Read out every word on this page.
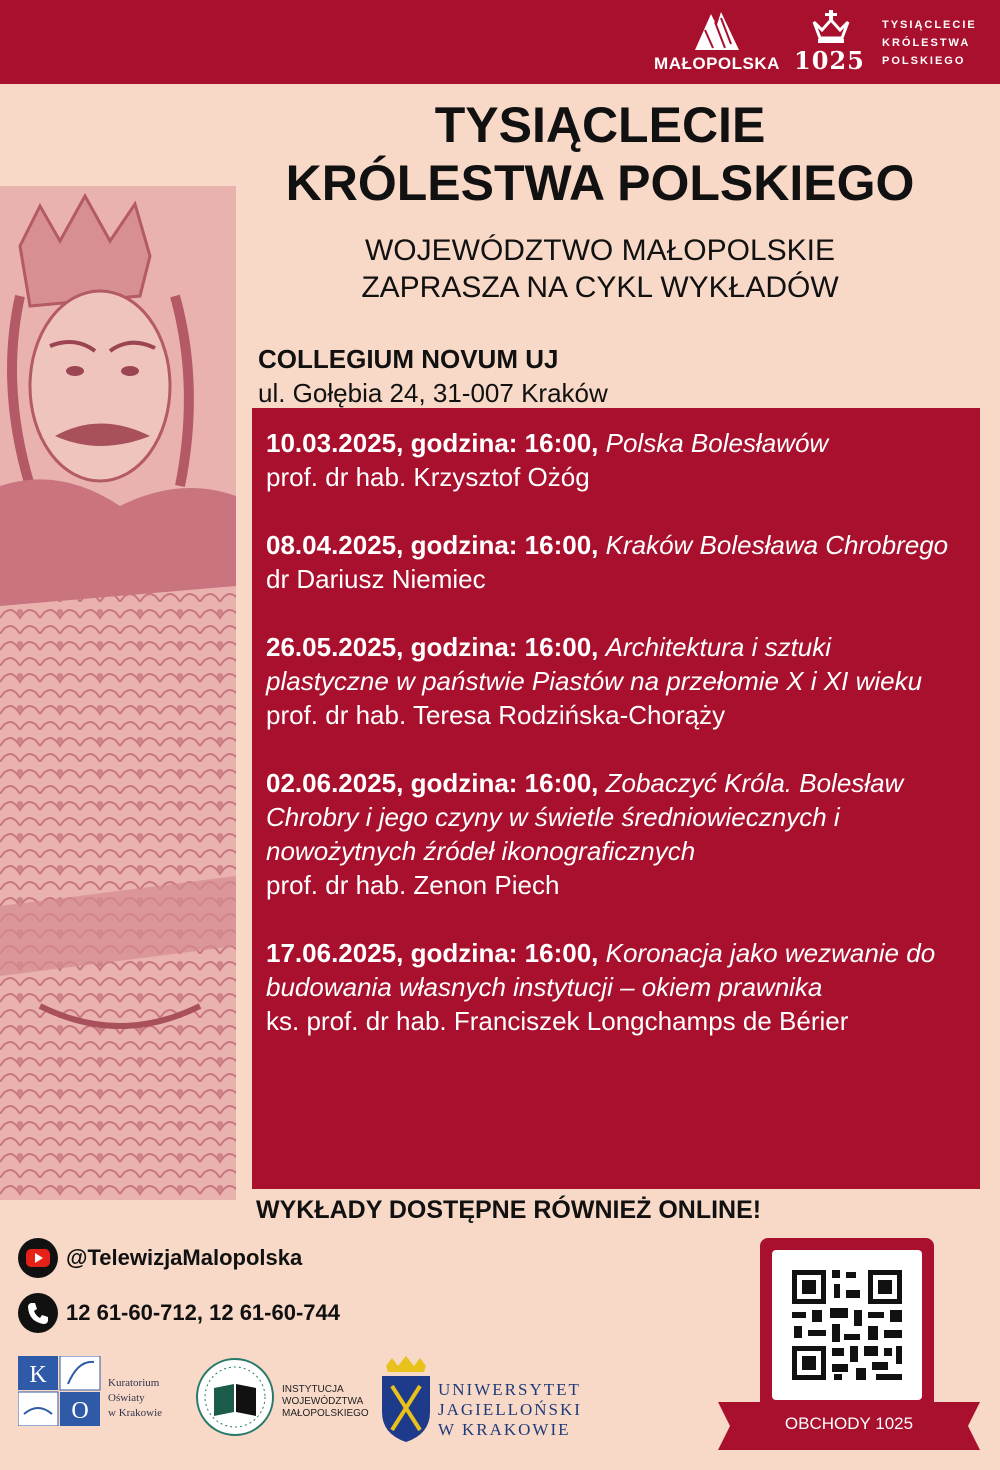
MAŁOPOLSKA 1025
TYSIĄCLECIE
KRÓLESTWA
POLSKIEGO
TYSIĄCLECIE
KRÓLESTWA POLSKIEGO
WOJEWÓDZTWO MAŁOPOLSKIE
ZAPRASZA NA CYKL WYKŁADÓW
COLLEGIUM NOVUM UJ
ul. Gołębia 24, 31-007 Kraków
10.03.2025, godzina: 16:00, Polska Bolesławów
prof. dr hab. Krzysztof Ożóg
08.04.2025, godzina: 16:00, Kraków Bolesława Chrobrego
dr Dariusz Niemiec
26.05.2025, godzina: 16:00, Architektura i sztuki plastyczne w państwie Piastów na przełomie X i XI wieku
prof. dr hab. Teresa Rodzińska-Chorąży
02.06.2025, godzina: 16:00, Zobaczyć Króla. Bolesław Chrobry i jego czyny w świetle średniowiecznych i nowożytnych źródeł ikonograficznych
prof. dr hab. Zenon Piech
17.06.2025, godzina: 16:00, Koronacja jako wezwanie do budowania własnych instytucji – okiem prawnika
ks. prof. dr hab. Franciszek Longchamps de Bérier
WYKŁADY DOSTĘPNE RÓWNIEŻ ONLINE!
@TelewizjaMalopolska
12 61-60-712, 12 61-60-744
K
O
Kuratorium
Oświaty
w Krakowie
INSTYTUCJA
WOJEWÓDZTWA
MAŁOPOLSKIEGO
UNIWERSYTET
JAGIELLOŃSKI
W KRAKOWIE	OBCHODY 1025
